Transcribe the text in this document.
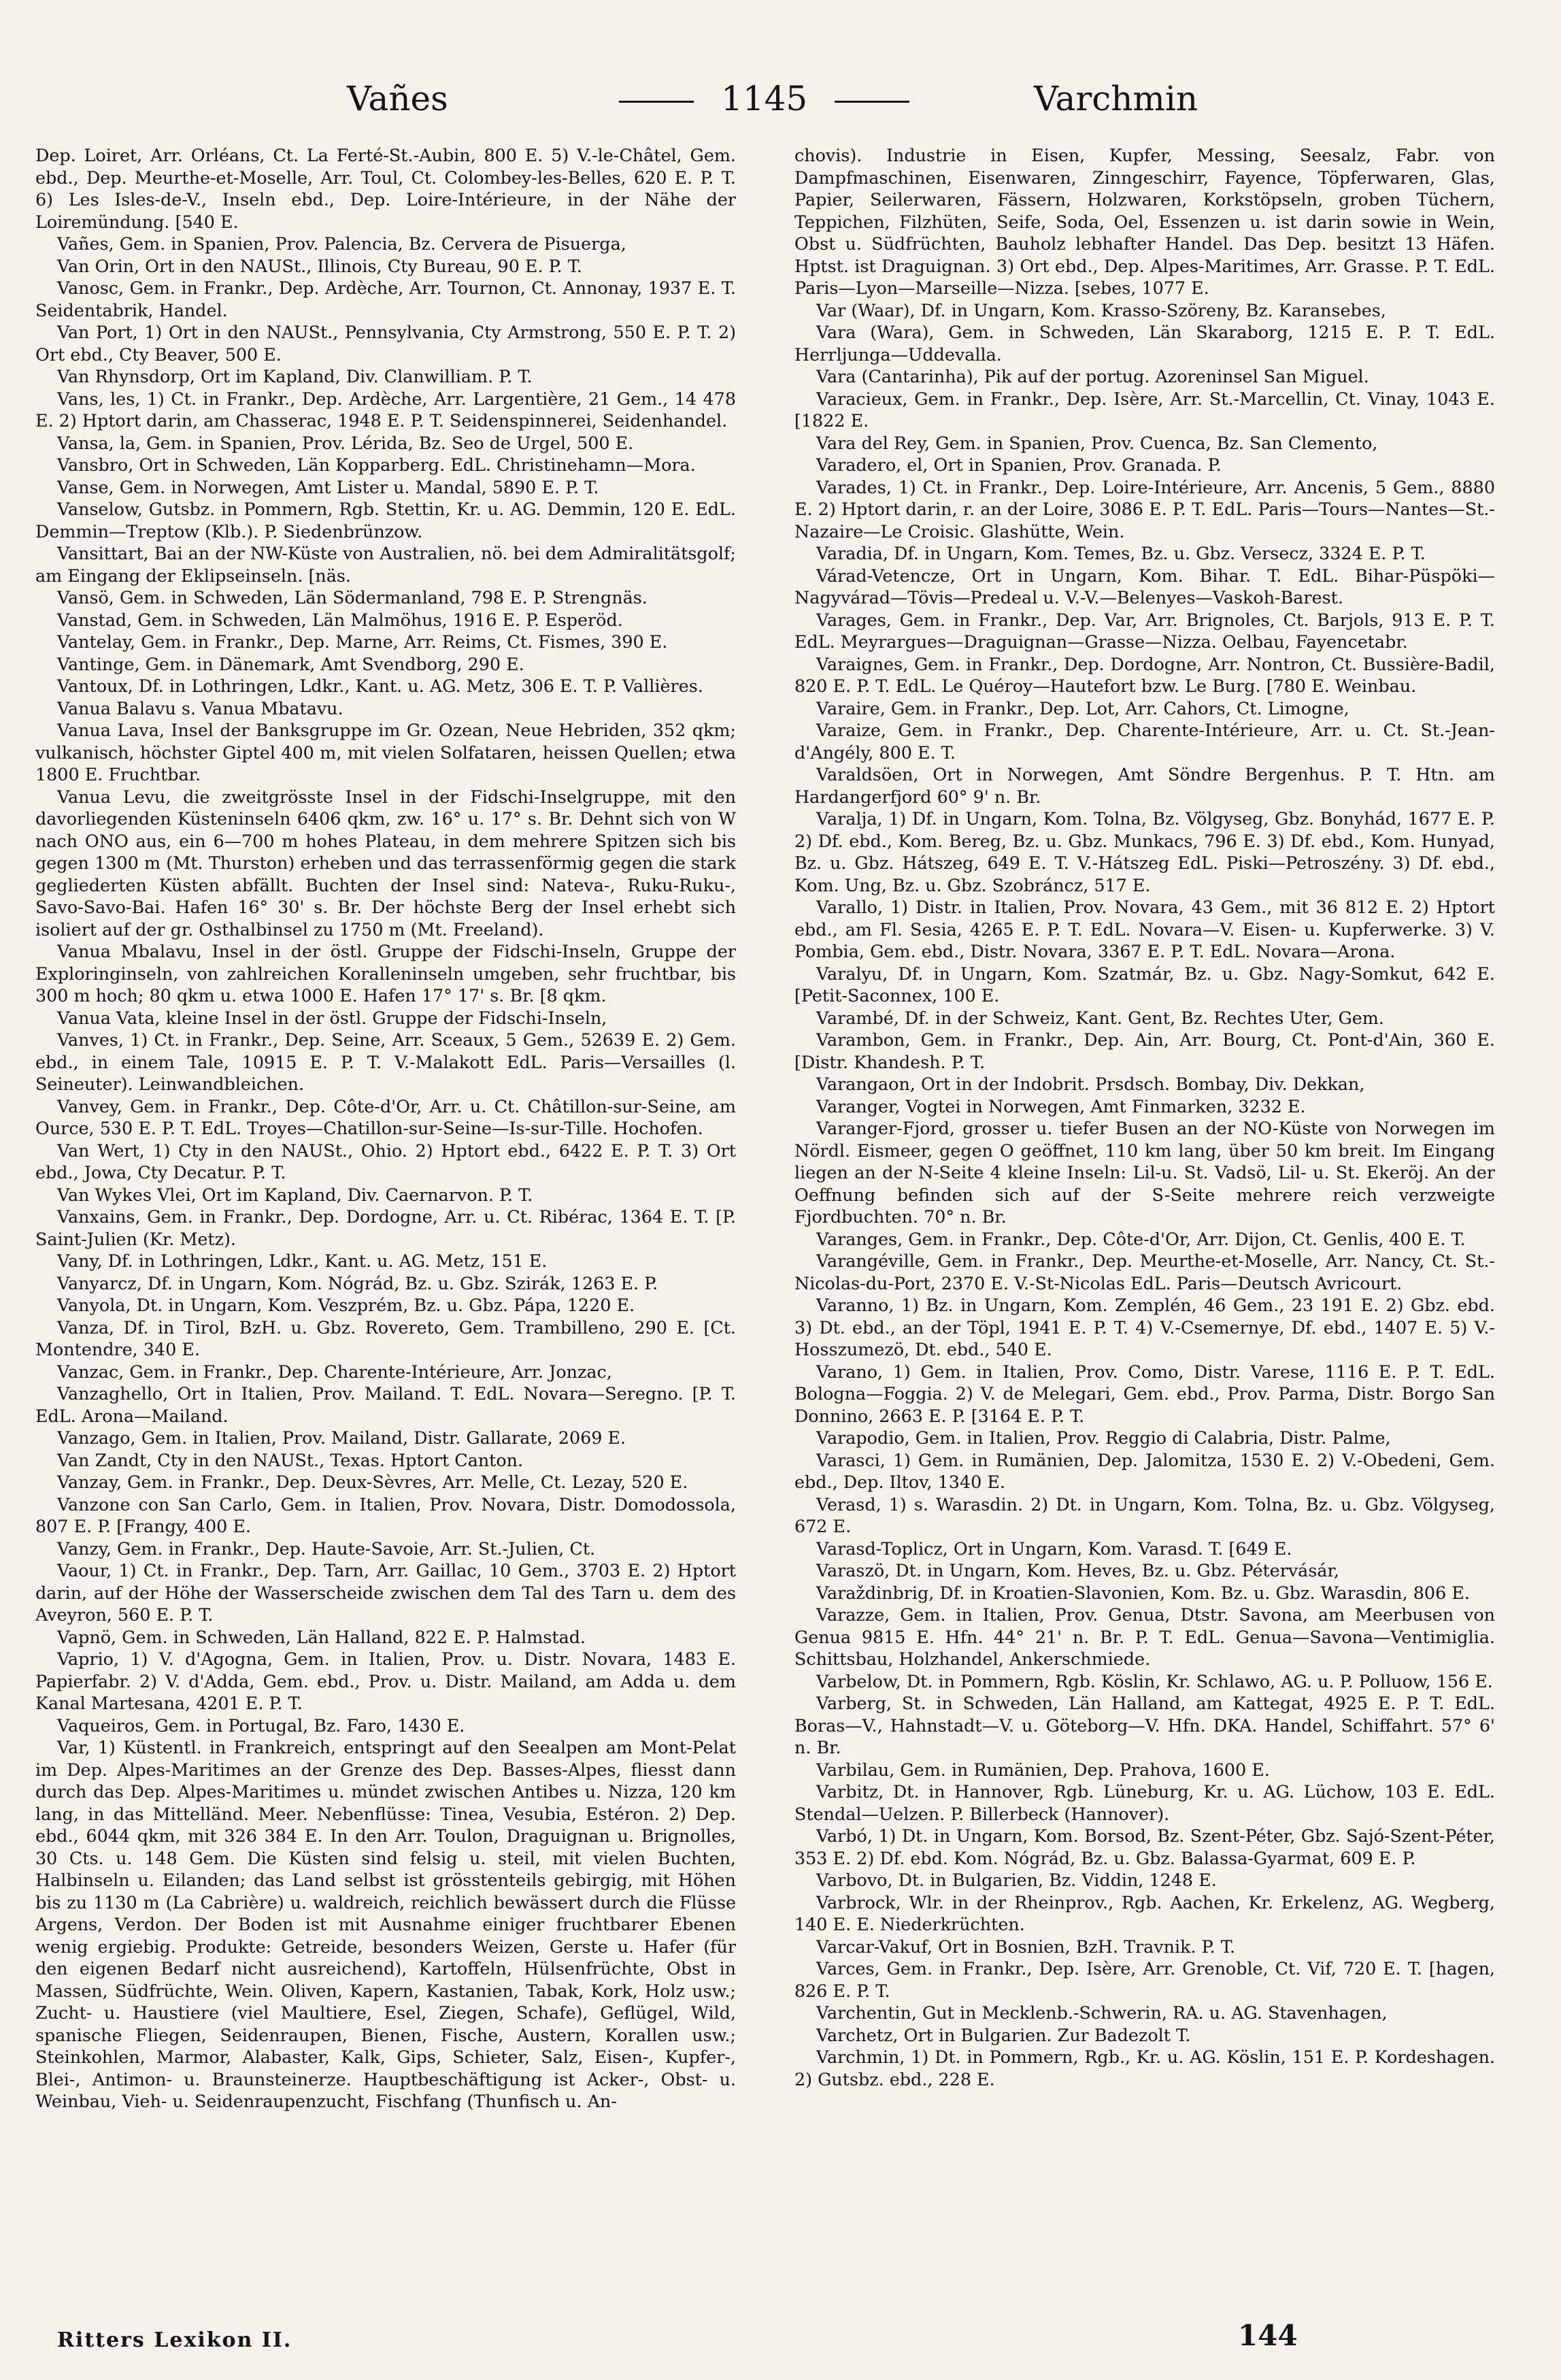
Vañes	1145	Varchmin

Dep. Loiret, Arr. Orléans, Ct. La Ferté-St.-Aubin, 800 E. 5) V.-le-Châtel, Gem. ebd., Dep. Meurthe-et-Moselle, Arr. Toul, Ct. Colombey-les-Belles, 620 E. P. T. 6) Les Isles-de-V., Inseln ebd., Dep. Loire-Intérieure, in der Nähe der Loiremündung. [540 E.

Vañes, Gem. in Spanien, Prov. Palencia, Bz. Cervera de Pisuerga,

Van Orin, Ort in den NAUSt., Illinois, Cty Bureau, 90 E. P. T.

Vanosc, Gem. in Frankr., Dep. Ardèche, Arr. Tournon, Ct. Annonay, 1937 E. T. Seidentabrik, Handel.

Van Port, 1) Ort in den NAUSt., Pennsylvania, Cty Armstrong, 550 E. P. T. 2) Ort ebd., Cty Beaver, 500 E.

Van Rhynsdorp, Ort im Kapland, Div. Clanwilliam. P. T.

Vans, les, 1) Ct. in Frankr., Dep. Ardèche, Arr. Largentière, 21 Gem., 14 478 E. 2) Hptort darin, am Chasserac, 1948 E. P. T. Seidenspinnerei, Seidenhandel.

Vansa, la, Gem. in Spanien, Prov. Lérida, Bz. Seo de Urgel, 500 E.

Vansbro, Ort in Schweden, Län Kopparberg. EdL. Christinehamn—Mora.

Vanse, Gem. in Norwegen, Amt Lister u. Mandal, 5890 E. P. T.

Vanselow, Gutsbz. in Pommern, Rgb. Stettin, Kr. u. AG. Demmin, 120 E. EdL. Demmin—Treptow (Klb.). P. Siedenbrünzow.

Vansittart, Bai an der NW-Küste von Australien, nö. bei dem Admiralitätsgolf; am Eingang der Eklipseinseln. [näs.

Vansö, Gem. in Schweden, Län Södermanland, 798 E. P. Strengnäs.

Vanstad, Gem. in Schweden, Län Malmöhus, 1916 E. P. Esperöd.

Vantelay, Gem. in Frankr., Dep. Marne, Arr. Reims, Ct. Fismes, 390 E.

Vantinge, Gem. in Dänemark, Amt Svendborg, 290 E.

Vantoux, Df. in Lothringen, Ldkr., Kant. u. AG. Metz, 306 E. T. P. Vallières.

Vanua Balavu s. Vanua Mbatavu.

Vanua Lava, Insel der Banksgruppe im Gr. Ozean, Neue Hebriden, 352 qkm; vulkanisch, höchster Giptel 400 m, mit vielen Solfataren, heissen Quellen; etwa 1800 E. Fruchtbar.

Vanua Levu, die zweitgrösste Insel in der Fidschi-Inselgruppe, mit den davorliegenden Küsteninseln 6406 qkm, zw. 16° u. 17° s. Br. Dehnt sich von W nach ONO aus, ein 6—700 m hohes Plateau, in dem mehrere Spitzen sich bis gegen 1300 m (Mt. Thurston) erheben und das terrassenförmig gegen die stark gegliederten Küsten abfällt. Buchten der Insel sind: Nateva-, Ruku-Ruku-, Savo-Savo-Bai. Hafen 16° 30' s. Br. Der höchste Berg der Insel erhebt sich isoliert auf der gr. Osthalbinsel zu 1750 m (Mt. Freeland).

Vanua Mbalavu, Insel in der östl. Gruppe der Fidschi-Inseln, Gruppe der Exploringinseln, von zahlreichen Koralleninseln umgeben, sehr fruchtbar, bis 300 m hoch; 80 qkm u. etwa 1000 E. Hafen 17° 17' s. Br. [8 qkm.

Vanua Vata, kleine Insel in der östl. Gruppe der Fidschi-Inseln,

Vanves, 1) Ct. in Frankr., Dep. Seine, Arr. Sceaux, 5 Gem., 52639 E. 2) Gem. ebd., in einem Tale, 10915 E. P. T. V.-Malakott EdL. Paris—Versailles (l. Seineuter). Leinwandbleichen.

Vanvey, Gem. in Frankr., Dep. Côte-d'Or, Arr. u. Ct. Châtillon-sur-Seine, am Ource, 530 E. P. T. EdL. Troyes—Chatillon-sur-Seine—Is-sur-Tille. Hochofen.

Van Wert, 1) Cty in den NAUSt., Ohio. 2) Hptort ebd., 6422 E. P. T. 3) Ort ebd., Jowa, Cty Decatur. P. T.

Van Wykes Vlei, Ort im Kapland, Div. Caernarvon. P. T.

Vanxains, Gem. in Frankr., Dep. Dordogne, Arr. u. Ct. Ribérac, 1364 E. T. [P. Saint-Julien (Kr. Metz).

Vany, Df. in Lothringen, Ldkr., Kant. u. AG. Metz, 151 E.

Vanyarcz, Df. in Ungarn, Kom. Nógrád, Bz. u. Gbz. Szirák, 1263 E. P.

Vanyola, Dt. in Ungarn, Kom. Veszprém, Bz. u. Gbz. Pápa, 1220 E.

Vanza, Df. in Tirol, BzH. u. Gbz. Rovereto, Gem. Trambilleno, 290 E. [Ct. Montendre, 340 E.

Vanzac, Gem. in Frankr., Dep. Charente-Intérieure, Arr. Jonzac,

Vanzaghello, Ort in Italien, Prov. Mailand. T. EdL. Novara—Seregno. [P. T. EdL. Arona—Mailand.

Vanzago, Gem. in Italien, Prov. Mailand, Distr. Gallarate, 2069 E.

Van Zandt, Cty in den NAUSt., Texas. Hptort Canton.

Vanzay, Gem. in Frankr., Dep. Deux-Sèvres, Arr. Melle, Ct. Lezay, 520 E.

Vanzone con San Carlo, Gem. in Italien, Prov. Novara, Distr. Domodossola, 807 E. P. [Frangy, 400 E.

Vanzy, Gem. in Frankr., Dep. Haute-Savoie, Arr. St.-Julien, Ct.

Vaour, 1) Ct. in Frankr., Dep. Tarn, Arr. Gaillac, 10 Gem., 3703 E. 2) Hptort darin, auf der Höhe der Wasserscheide zwischen dem Tal des Tarn u. dem des Aveyron, 560 E. P. T.

Vapnö, Gem. in Schweden, Län Halland, 822 E. P. Halmstad.

Vaprio, 1) V. d'Agogna, Gem. in Italien, Prov. u. Distr. Novara, 1483 E. Papierfabr. 2) V. d'Adda, Gem. ebd., Prov. u. Distr. Mailand, am Adda u. dem Kanal Martesana, 4201 E. P. T.

Vaqueiros, Gem. in Portugal, Bz. Faro, 1430 E.

Var, 1) Küstentl. in Frankreich, entspringt auf den Seealpen am Mont-Pelat im Dep. Alpes-Maritimes an der Grenze des Dep. Basses-Alpes, fliesst dann durch das Dep. Alpes-Maritimes u. mündet zwischen Antibes u. Nizza, 120 km lang, in das Mittelländ. Meer. Nebenflüsse: Tinea, Vesubia, Estéron. 2) Dep. ebd., 6044 qkm, mit 326 384 E. In den Arr. Toulon, Draguignan u. Brignolles, 30 Cts. u. 148 Gem. Die Küsten sind felsig u. steil, mit vielen Buchten, Halbinseln u. Eilanden; das Land selbst ist grösstenteils gebirgig, mit Höhen bis zu 1130 m (La Cabrière) u. waldreich, reichlich bewässert durch die Flüsse Argens, Verdon. Der Boden ist mit Ausnahme einiger fruchtbarer Ebenen wenig ergiebig. Produkte: Getreide, besonders Weizen, Gerste u. Hafer (für den eigenen Bedarf nicht ausreichend), Kartoffeln, Hülsenfrüchte, Obst in Massen, Südfrüchte, Wein. Oliven, Kapern, Kastanien, Tabak, Kork, Holz usw.; Zucht- u. Haustiere (viel Maultiere, Esel, Ziegen, Schafe), Geflügel, Wild, spanische Fliegen, Seidenraupen, Bienen, Fische, Austern, Korallen usw.; Steinkohlen, Marmor, Alabaster, Kalk, Gips, Schieter, Salz, Eisen-, Kupfer-, Blei-, Antimon- u. Braunsteinerze. Hauptbeschäftigung ist Acker-, Obst- u. Weinbau, Vieh- u. Seidenraupenzucht, Fischfang (Thunfisch u. An-

chovis). Industrie in Eisen, Kupfer, Messing, Seesalz, Fabr. von Dampfmaschinen, Eisenwaren, Zinngeschirr, Fayence, Töpferwaren, Glas, Papier, Seilerwaren, Fässern, Holzwaren, Korkstöpseln, groben Tüchern, Teppichen, Filzhüten, Seife, Soda, Oel, Essenzen u. ist darin sowie in Wein, Obst u. Südfrüchten, Bauholz lebhafter Handel. Das Dep. besitzt 13 Häfen. Hptst. ist Draguignan. 3) Ort ebd., Dep. Alpes-Maritimes, Arr. Grasse. P. T. EdL. Paris—Lyon—Marseille—Nizza. [sebes, 1077 E.

Var (Waar), Df. in Ungarn, Kom. Krasso-Szöreny, Bz. Karansebes,

Vara (Wara), Gem. in Schweden, Län Skaraborg, 1215 E. P. T. EdL. Herrljunga—Uddevalla.

Vara (Cantarinha), Pik auf der portug. Azoreninsel San Miguel.

Varacieux, Gem. in Frankr., Dep. Isère, Arr. St.-Marcellin, Ct. Vinay, 1043 E. [1822 E.

Vara del Rey, Gem. in Spanien, Prov. Cuenca, Bz. San Clemento,

Varadero, el, Ort in Spanien, Prov. Granada. P.

Varades, 1) Ct. in Frankr., Dep. Loire-Intérieure, Arr. Ancenis, 5 Gem., 8880 E. 2) Hptort darin, r. an der Loire, 3086 E. P. T. EdL. Paris—Tours—Nantes—St.-Nazaire—Le Croisic. Glashütte, Wein.

Varadia, Df. in Ungarn, Kom. Temes, Bz. u. Gbz. Versecz, 3324 E. P. T.

Várad-Vetencze, Ort in Ungarn, Kom. Bihar. T. EdL. Bihar-Püspöki—Nagyvárad—Tövis—Predeal u. V.-V.—Belenyes—Vaskoh-Barest.

Varages, Gem. in Frankr., Dep. Var, Arr. Brignoles, Ct. Barjols, 913 E. P. T. EdL. Meyrargues—Draguignan—Grasse—Nizza. Oelbau, Fayencetabr.

Varaignes, Gem. in Frankr., Dep. Dordogne, Arr. Nontron, Ct. Bussière-Badil, 820 E. P. T. EdL. Le Quéroy—Hautefort bzw. Le Burg. [780 E. Weinbau.

Varaire, Gem. in Frankr., Dep. Lot, Arr. Cahors, Ct. Limogne,

Varaize, Gem. in Frankr., Dep. Charente-Intérieure, Arr. u. Ct. St.-Jean-d'Angély, 800 E. T.

Varaldsöen, Ort in Norwegen, Amt Söndre Bergenhus. P. T. Htn. am Hardangerfjord 60° 9' n. Br.

Varalja, 1) Df. in Ungarn, Kom. Tolna, Bz. Völgyseg, Gbz. Bonyhád, 1677 E. P. 2) Df. ebd., Kom. Bereg, Bz. u. Gbz. Munkacs, 796 E. 3) Df. ebd., Kom. Hunyad, Bz. u. Gbz. Hátszeg, 649 E. T. V.-Hátszeg EdL. Piski—Petroszény. 3) Df. ebd., Kom. Ung, Bz. u. Gbz. Szobráncz, 517 E.

Varallo, 1) Distr. in Italien, Prov. Novara, 43 Gem., mit 36 812 E. 2) Hptort ebd., am Fl. Sesia, 4265 E. P. T. EdL. Novara—V. Eisen- u. Kupferwerke. 3) V. Pombia, Gem. ebd., Distr. Novara, 3367 E. P. T. EdL. Novara—Arona.

Varalyu, Df. in Ungarn, Kom. Szatmár, Bz. u. Gbz. Nagy-Somkut, 642 E. [Petit-Saconnex, 100 E.

Varambé, Df. in der Schweiz, Kant. Gent, Bz. Rechtes Uter, Gem.

Varambon, Gem. in Frankr., Dep. Ain, Arr. Bourg, Ct. Pont-d'Ain, 360 E. [Distr. Khandesh. P. T.

Varangaon, Ort in der Indobrit. Prsdsch. Bombay, Div. Dekkan,

Varanger, Vogtei in Norwegen, Amt Finmarken, 3232 E.

Varanger-Fjord, grosser u. tiefer Busen an der NO-Küste von Norwegen im Nördl. Eismeer, gegen O geöffnet, 110 km lang, über 50 km breit. Im Eingang liegen an der N-Seite 4 kleine Inseln: Lil-u. St. Vadsö, Lil- u. St. Ekeröj. An der Oeffnung befinden sich auf der S-Seite mehrere reich verzweigte Fjordbuchten. 70° n. Br.

Varanges, Gem. in Frankr., Dep. Côte-d'Or, Arr. Dijon, Ct. Genlis, 400 E. T.

Varangéville, Gem. in Frankr., Dep. Meurthe-et-Moselle, Arr. Nancy, Ct. St.-Nicolas-du-Port, 2370 E. V.-St-Nicolas EdL. Paris—Deutsch Avricourt.

Varanno, 1) Bz. in Ungarn, Kom. Zemplén, 46 Gem., 23 191 E. 2) Gbz. ebd. 3) Dt. ebd., an der Töpl, 1941 E. P. T. 4) V.-Csemernye, Df. ebd., 1407 E. 5) V.-Hosszumezö, Dt. ebd., 540 E.

Varano, 1) Gem. in Italien, Prov. Como, Distr. Varese, 1116 E. P. T. EdL. Bologna—Foggia. 2) V. de Melegari, Gem. ebd., Prov. Parma, Distr. Borgo San Donnino, 2663 E. P. [3164 E. P. T.

Varapodio, Gem. in Italien, Prov. Reggio di Calabria, Distr. Palme,

Varasci, 1) Gem. in Rumänien, Dep. Jalomitza, 1530 E. 2) V.-Obedeni, Gem. ebd., Dep. Iltov, 1340 E.

Verasd, 1) s. Warasdin. 2) Dt. in Ungarn, Kom. Tolna, Bz. u. Gbz. Völgyseg, 672 E.

Varasd-Toplicz, Ort in Ungarn, Kom. Varasd. T. [649 E.

Varaszö, Dt. in Ungarn, Kom. Heves, Bz. u. Gbz. Pétervásár,

Varaždinbrig, Df. in Kroatien-Slavonien, Kom. Bz. u. Gbz. Warasdin, 806 E.

Varazze, Gem. in Italien, Prov. Genua, Dtstr. Savona, am Meerbusen von Genua 9815 E. Hfn. 44° 21' n. Br. P. T. EdL. Genua—Savona—Ventimiglia. Schittsbau, Holzhandel, Ankerschmiede.

Varbelow, Dt. in Pommern, Rgb. Köslin, Kr. Schlawo, AG. u. P. Polluow, 156 E.

Varberg, St. in Schweden, Län Halland, am Kattegat, 4925 E. P. T. EdL. Boras—V., Hahnstadt—V. u. Göteborg—V. Hfn. DKA. Handel, Schiffahrt. 57° 6' n. Br.

Varbilau, Gem. in Rumänien, Dep. Prahova, 1600 E.

Varbitz, Dt. in Hannover, Rgb. Lüneburg, Kr. u. AG. Lüchow, 103 E. EdL. Stendal—Uelzen. P. Billerbeck (Hannover).

Varbó, 1) Dt. in Ungarn, Kom. Borsod, Bz. Szent-Péter, Gbz. Sajó-Szent-Péter, 353 E. 2) Df. ebd. Kom. Nógrád, Bz. u. Gbz. Balassa-Gyarmat, 609 E. P.

Varbovo, Dt. in Bulgarien, Bz. Viddin, 1248 E.

Varbrock, Wlr. in der Rheinprov., Rgb. Aachen, Kr. Erkelenz, AG. Wegberg, 140 E. E. Niederkrüchten.

Varcar-Vakuf, Ort in Bosnien, BzH. Travnik. P. T.

Varces, Gem. in Frankr., Dep. Isère, Arr. Grenoble, Ct. Vif, 720 E. T. [hagen, 826 E. P. T.

Varchentin, Gut in Mecklenb.-Schwerin, RA. u. AG. Stavenhagen,

Varchetz, Ort in Bulgarien. Zur Badezolt T.

Varchmin, 1) Dt. in Pommern, Rgb., Kr. u. AG. Köslin, 151 E. P. Kordeshagen. 2) Gutsbz. ebd., 228 E.

Ritters Lexikon II.	144
